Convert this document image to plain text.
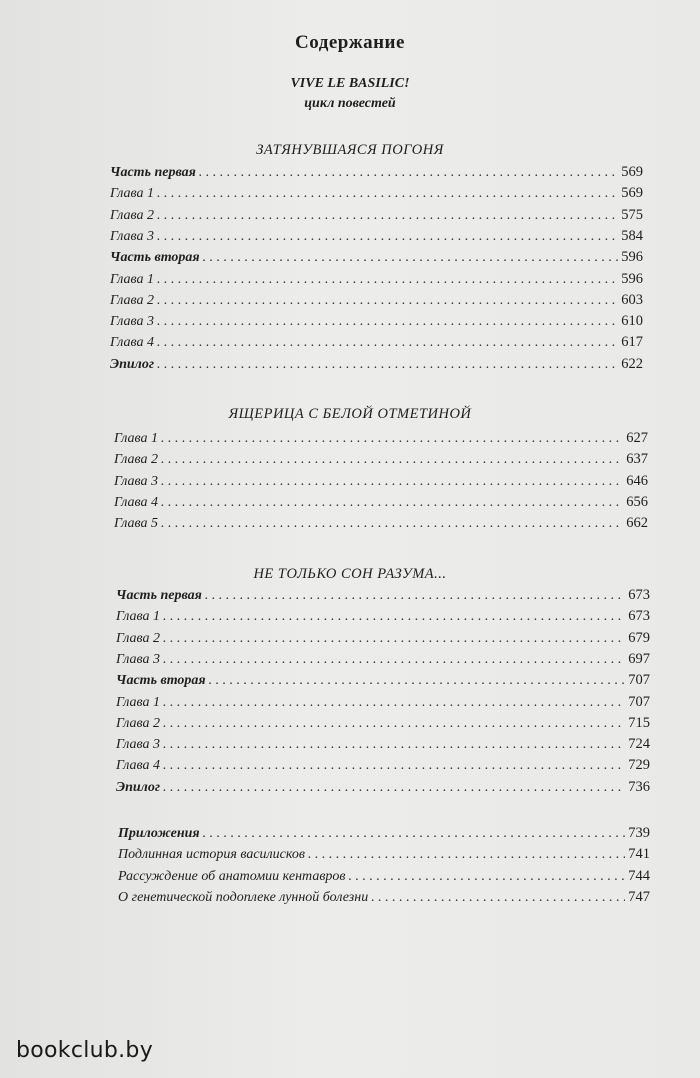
Содержание
VIVE LE BASILIC!
цикл повестей
ЗАТЯНУВШАЯСЯ ПОГОНЯ
Часть первая . . .	569
Глава 1 . . .	569
Глава 2 . . .	575
Глава 3 . . .	584
Часть вторая . . .	596
Глава 1 . . .	596
Глава 2 . . .	603
Глава 3 . . .	610
Глава 4 . . .	617
Эпилог . . .	622
ЯЩЕРИЦА С БЕЛОЙ ОТМЕТИНОЙ
Глава 1 . . .	627
Глава 2 . . .	637
Глава 3 . . .	646
Глава 4 . . .	656
Глава 5 . . .	662
НЕ ТОЛЬКО СОН РАЗУМА...
Часть первая . . .	673
Глава 1 . . .	673
Глава 2 . . .	679
Глава 3 . . .	697
Часть вторая . . .	707
Глава 1 . . .	707
Глава 2 . . .	715
Глава 3 . . .	724
Глава 4 . . .	729
Эпилог . . .	736
Приложения . . .	739
Подлинная история василисков . . .	741
Рассуждение об анатомии кентавров . . .	744
О генетической подоплеке лунной болезни . . .	747
bookclub.by
